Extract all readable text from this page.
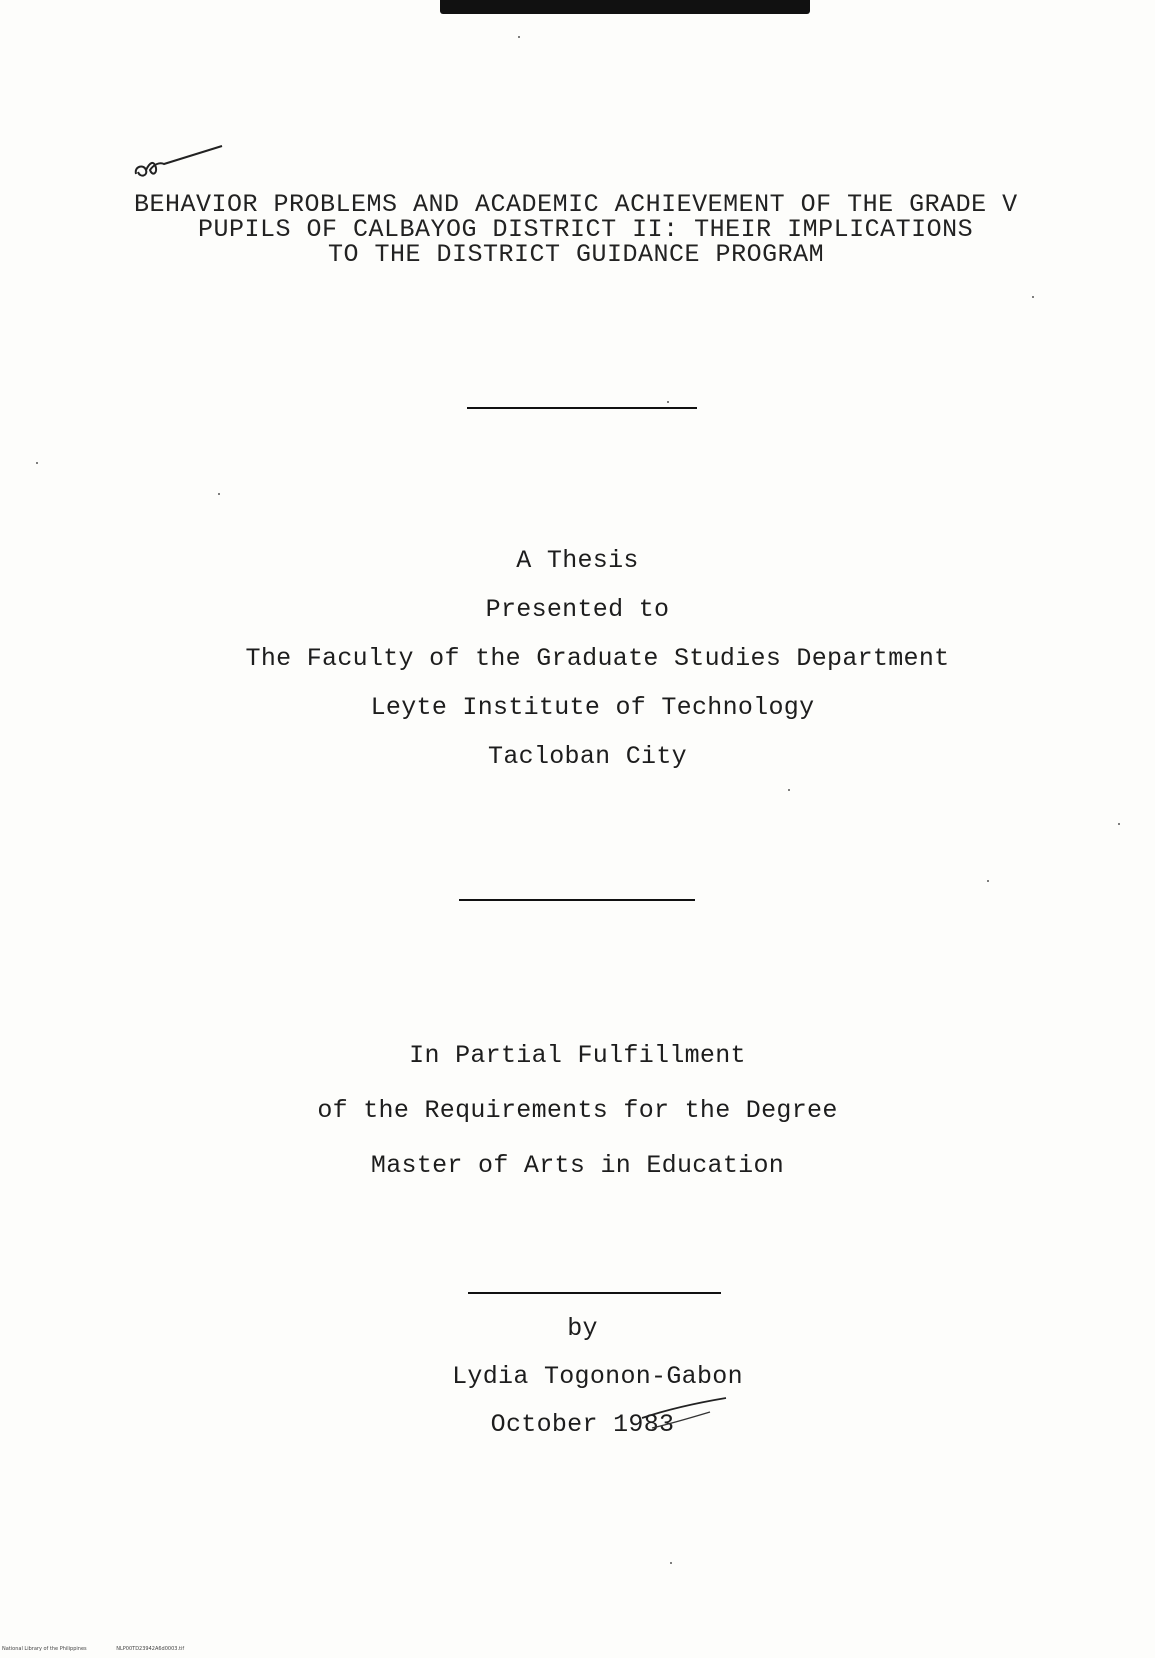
BEHAVIOR PROBLEMS AND ACADEMIC ACHIEVEMENT OF THE GRADE V
PUPILS OF CALBAYOG DISTRICT II: THEIR IMPLICATIONS
TO THE DISTRICT GUIDANCE PROGRAM
A Thesis
Presented to
The Faculty of the Graduate Studies Department
Leyte Institute of Technology
Tacloban City
In Partial Fulfillment
of the Requirements for the Degree
Master of Arts in Education
by
Lydia Togonon-Gabon
October 1983
National Library of the Philippines	NLP00TD23942A6d0003.tif
